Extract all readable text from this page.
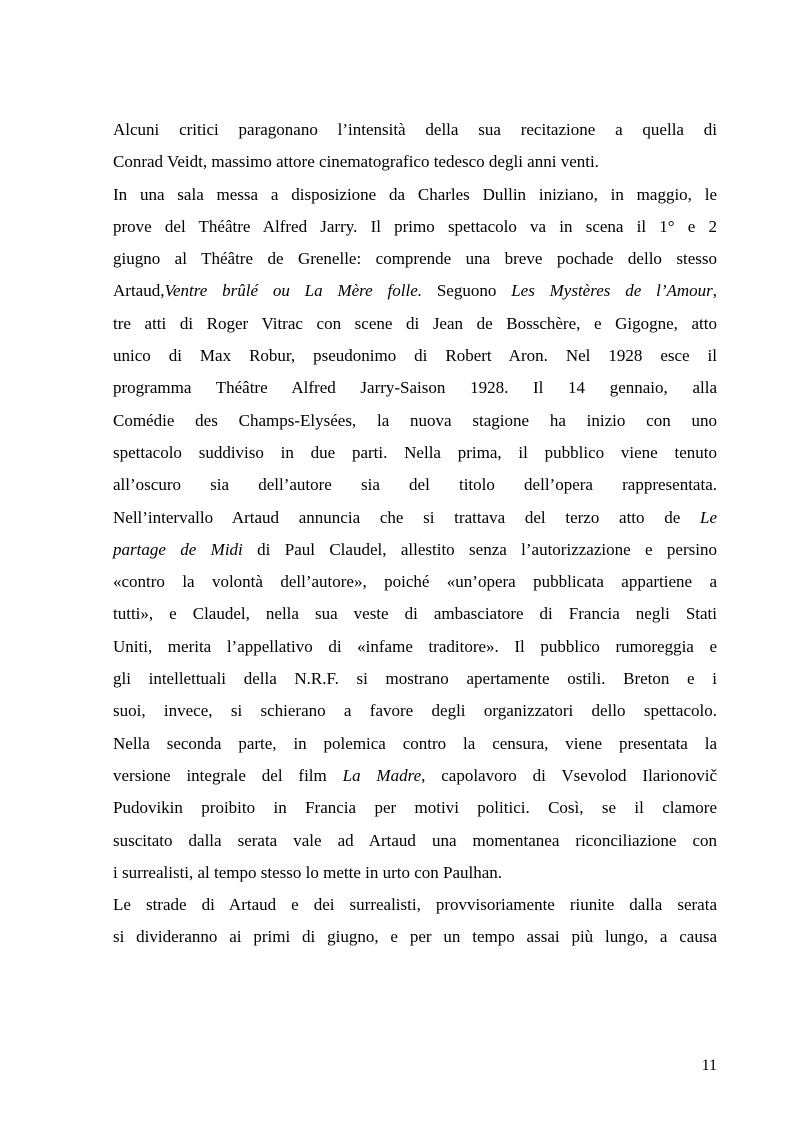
Alcuni critici paragonano l’intensità della sua recitazione a quella di
Conrad Veidt, massimo attore cinematografico tedesco degli anni venti.
In una sala messa a disposizione da Charles Dullin iniziano, in maggio, le
prove del Théâtre Alfred Jarry. Il primo spettacolo va in scena il 1° e 2
giugno al Théâtre de Grenelle: comprende una breve pochade dello stesso
Artaud,Ventre brûlé ou La Mère folle. Seguono Les Mystères de l’Amour,
tre atti di Roger Vitrac con scene di Jean de Bosschère, e Gigogne, atto
unico di Max Robur, pseudonimo di Robert Aron. Nel 1928 esce il
programma Théâtre Alfred Jarry-Saison 1928. Il 14 gennaio, alla
Comédie des Champs-Elysées, la nuova stagione ha inizio con uno
spettacolo suddiviso in due parti. Nella prima, il pubblico viene tenuto
all’oscuro sia dell’autore sia del titolo dell’opera rappresentata.
Nell’intervallo Artaud annuncia che si trattava del terzo atto de Le
partage de Midi di Paul Claudel, allestito senza l’autorizzazione e persino
«contro la volontà dell’autore», poiché «un’opera pubblicata appartiene a
tutti», e Claudel, nella sua veste di ambasciatore di Francia negli Stati
Uniti, merita l’appellativo di «infame traditore». Il pubblico rumoreggia e
gli intellettuali della N.R.F. si mostrano apertamente ostili. Breton e i
suoi, invece, si schierano a favore degli organizzatori dello spettacolo.
Nella seconda parte, in polemica contro la censura, viene presentata la
versione integrale del film La Madre, capolavoro di Vsevolod Ilarionovič
Pudovikin proibito in Francia per motivi politici. Così, se il clamore
suscitato dalla serata vale ad Artaud una momentanea riconciliazione con
i surrealisti, al tempo stesso lo mette in urto con Paulhan.
Le strade di Artaud e dei surrealisti, provvisoriamente riunite dalla serata
si divideranno ai primi di giugno, e per un tempo assai più lungo, a causa
11
